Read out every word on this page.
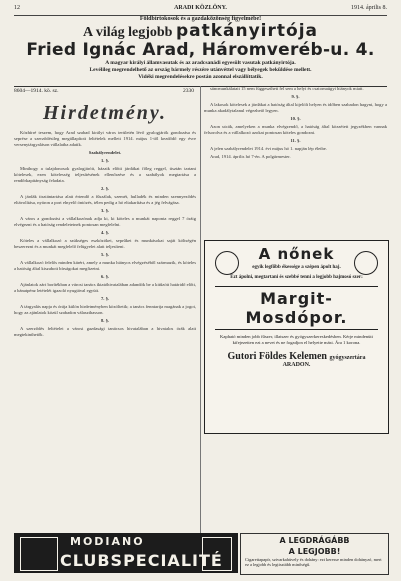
12	ARADI KÖZLÖNY.	1914. április 8.
Földbirtokosok és a gazdaközönség figyelmébe!
A világ legjobb patkányirtója
Fried Ignác Arad, Háromveréb-u. 4.
A magyar királyi államvasutak és az aradcsanádi egyesült vasutak patkányirtója.
Levélileg megrendelhető az ország bármely részére utánvéttel vagy bélyegek beküldése mellett.
Vidéki megrendelésekre postán azonnal elszállíttatik.
8604—1914. kö. sz.	2330
Hirdetmény.

Közhírré teszem, hogy Arad szabad királyi város területén lévő gyalogjárók gondozása és seprése a szerződésileg megállapított feltételek mellett 1914. május 1-től kezdődő egy évre versenytárgyaláson vállalatba adatik.

Szabályrendelet.

1. §.

Minthogy a tulajdonosok gyalogjáróit, házaik előtti járdákat főleg reggel, tisztán tartani kötelesek, ezen kötelesség teljesítésének ellenőrzése és a szabályok megtartása a rendőrkapitányság feladata.

2. §.

A járdák tisztántartása alatt értendő a fűszálak, szemét, hulladék és minden szennyeződés eltávolítása, nyáron a port elnyelő öntözés, télen pedig a hó eltakarítása és a jég felvágása.

3. §.

A város a gondozást a vállalkozónak adja ki, ki köteles a munkát naponta reggel 7 óráig elvégezni és a hatóság rendeleteinek pontosan megfelelni.

4. §.

Köteles a vállalkozó a szükséges eszközöket, seprűket és munkásokat saját költségén beszerezni és a munkát megfelelő felügyelet alatt teljesíteni.

5. §.

A vállalkozó felelős minden kárért, amely a munka hiányos elvégzéséből származik, és köteles a hatóság által kiszabott bírságokat megfizetni.

6. §.

Ajánlatok zárt borítékban a városi tanács iktatóhivatalában adandók be a kitűzött határidő előtt, a bánatpénz letételét igazoló nyugtával együtt.

7. §.

A tárgyalás napja és órája külön hirdetményben közöltetik; a tanács fenntartja magának a jogot, hogy az ajánlatok közül szabadon választhasson.

8. §.

A szerződés feltételei a városi gazdasági tanácsos hivatalában a hivatalos órák alatt megtekinthetők.

sáncmunkálatait 15 nem függesztheti fel sem a helyi és csatornaügyi hiányok miatt.

9. §.

A lakosok kötelesek a járdákat a hatóság által kijelölt helyen és időben szabadon hagyni, hogy a munka akadálytalanul végezhető legyen.

10. §.

Azon utcák, amelyeken a munka elvégzendő, a hatóság által közzétett jegyzékben vannak felsorolva és a vállalkozó azokat pontosan köteles gondozni.

11. §.

A jelen szabályrendelet 1914. évi május hó 1. napján lép életbe.

Arad, 1914. április hó 7-én. A polgármester.

A nőnek
egyik legfőbb ékessége a szépen ápolt haj.
Ezt ápolni, megtartani és szebbé tenni a legjobb hajmosó szer:
Margit-Mosdópor.
Kapható minden jobb fűszer, illatszer és gyógyszerkereskedésben. Kérje mindenütt kifejezetten ezt a nevet és ne fogadjon el helyette mást. Ára 1 korona.
Gutori Földes Kelemen gyógyszertára
ARADON.
MODIANO
CLUBSPECIALITÉ
A LEGDRÁGÁBB
A LEGJOBB!
Cigarettapapír, szivarkahüvely és dohány: ezt keresse minden dohányzó, mert ez a legjobb és legtisztább minőségű.
